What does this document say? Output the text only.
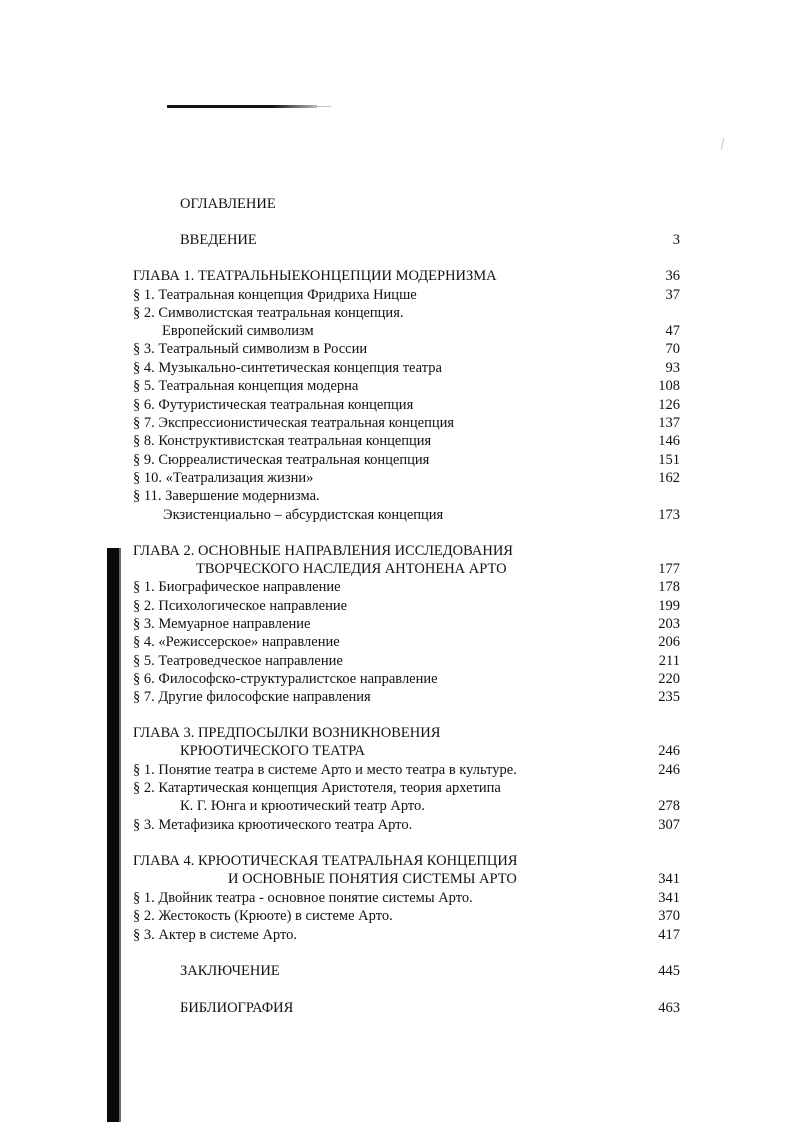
ОГЛАВЛЕНИЕ
ВВЕДЕНИЕ	3
ГЛАВА 1. ТЕАТРАЛЬНЫЕКОНЦЕПЦИИ МОДЕРНИЗМА	36
§ 1. Театральная концепция Фридриха Ницше	37
§ 2. Символистская театральная концепция.
Европейский символизм	47
§ 3. Театральный символизм в России	70
§ 4. Музыкально-синтетическая концепция театра	93
§ 5. Театральная концепция модерна	108
§ 6. Футуристическая театральная концепция	126
§ 7. Экспрессионистическая театральная концепция	137
§ 8. Конструктивистская театральная концепция	146
§ 9. Сюрреалистическая театральная концепция	151
§ 10. «Театрализация жизни»	162
§ 11. Завершение модернизма.
Экзистенциально – абсурдистская концепция	173
ГЛАВА 2. ОСНОВНЫЕ НАПРАВЛЕНИЯ ИССЛЕДОВАНИЯ
ТВОРЧЕСКОГО НАСЛЕДИЯ АНТОНЕНА АРТО	177
§ 1. Биографическое направление	178
§ 2. Психологическое направление	199
§ 3. Мемуарное направление	203
§ 4. «Режиссерское» направление	206
§ 5. Театроведческое направление	211
§ 6. Философско-структуралистское направление	220
§ 7. Другие философские направления	235
ГЛАВА 3. ПРЕДПОСЫЛКИ ВОЗНИКНОВЕНИЯ
КРЮОТИЧЕСКОГО ТЕАТРА	246
§ 1. Понятие театра в системе Арто и место театра в культуре.	246
§ 2. Катартическая концепция Аристотеля, теория архетипа
К. Г. Юнга и крюотический театр Арто.	278
§ 3. Метафизика крюотического театра Арто.	307
ГЛАВА 4. КРЮОТИЧЕСКАЯ ТЕАТРАЛЬНАЯ КОНЦЕПЦИЯ
И ОСНОВНЫЕ ПОНЯТИЯ СИСТЕМЫ АРТО	341
§ 1. Двойник театра - основное понятие системы Арто.	341
§ 2. Жестокость (Крюоте) в системе Арто.	370
§ 3. Актер в системе Арто.	417
ЗАКЛЮЧЕНИЕ	445
БИБЛИОГРАФИЯ	463
